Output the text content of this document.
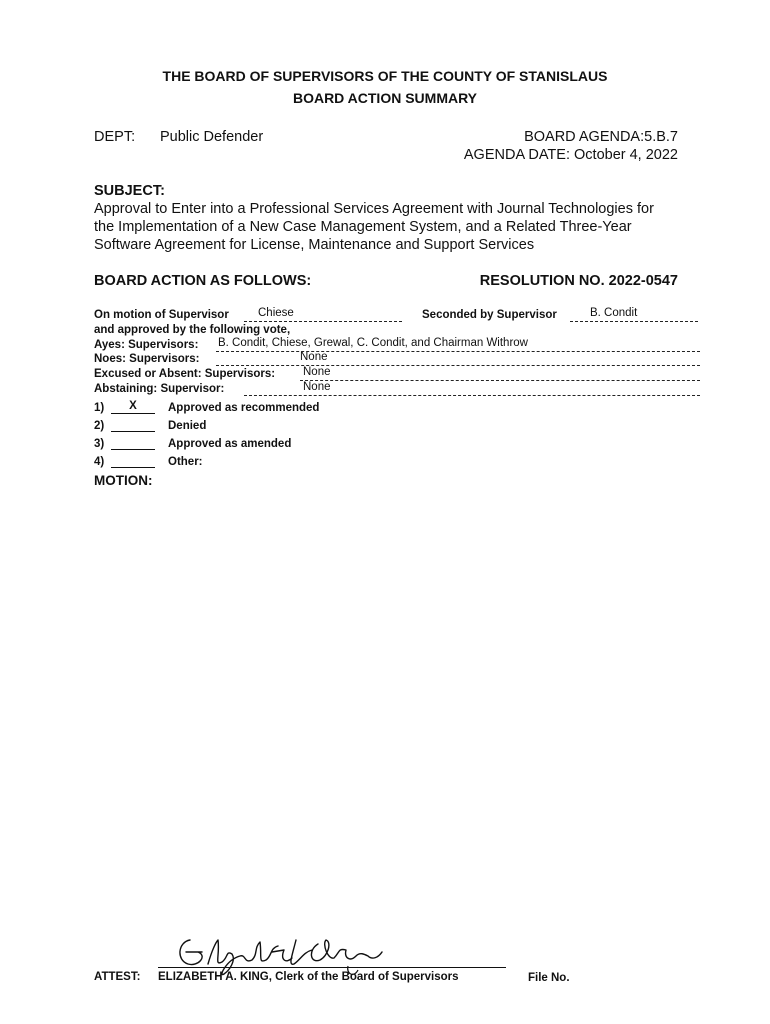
THE BOARD OF SUPERVISORS OF THE COUNTY OF STANISLAUS
BOARD ACTION SUMMARY
DEPT: Public Defender	BOARD AGENDA:5.B.7
AGENDA DATE: October 4, 2022
SUBJECT:
Approval to Enter into a Professional Services Agreement with Journal Technologies for
the Implementation of a New Case Management System, and a Related Three-Year
Software Agreement for License, Maintenance and Support Services
BOARD ACTION AS FOLLOWS:	RESOLUTION NO. 2022-0547
On motion of Supervisor	Chiese	Seconded by Supervisor	B. Condit
and approved by the following vote,
Ayes: Supervisors: B. Condit, Chiese, Grewal, C. Condit, and Chairman Withrow
Noes: Supervisors:	None
Excused or Absent: Supervisors: None
Abstaining: Supervisor:	None
1)	X	Approved as recommended
2)	Denied
3)	Approved as amended
4)	Other:
MOTION:
ATTEST: ELIZABETH A. KING, Clerk of the Board of Supervisors	File No.
